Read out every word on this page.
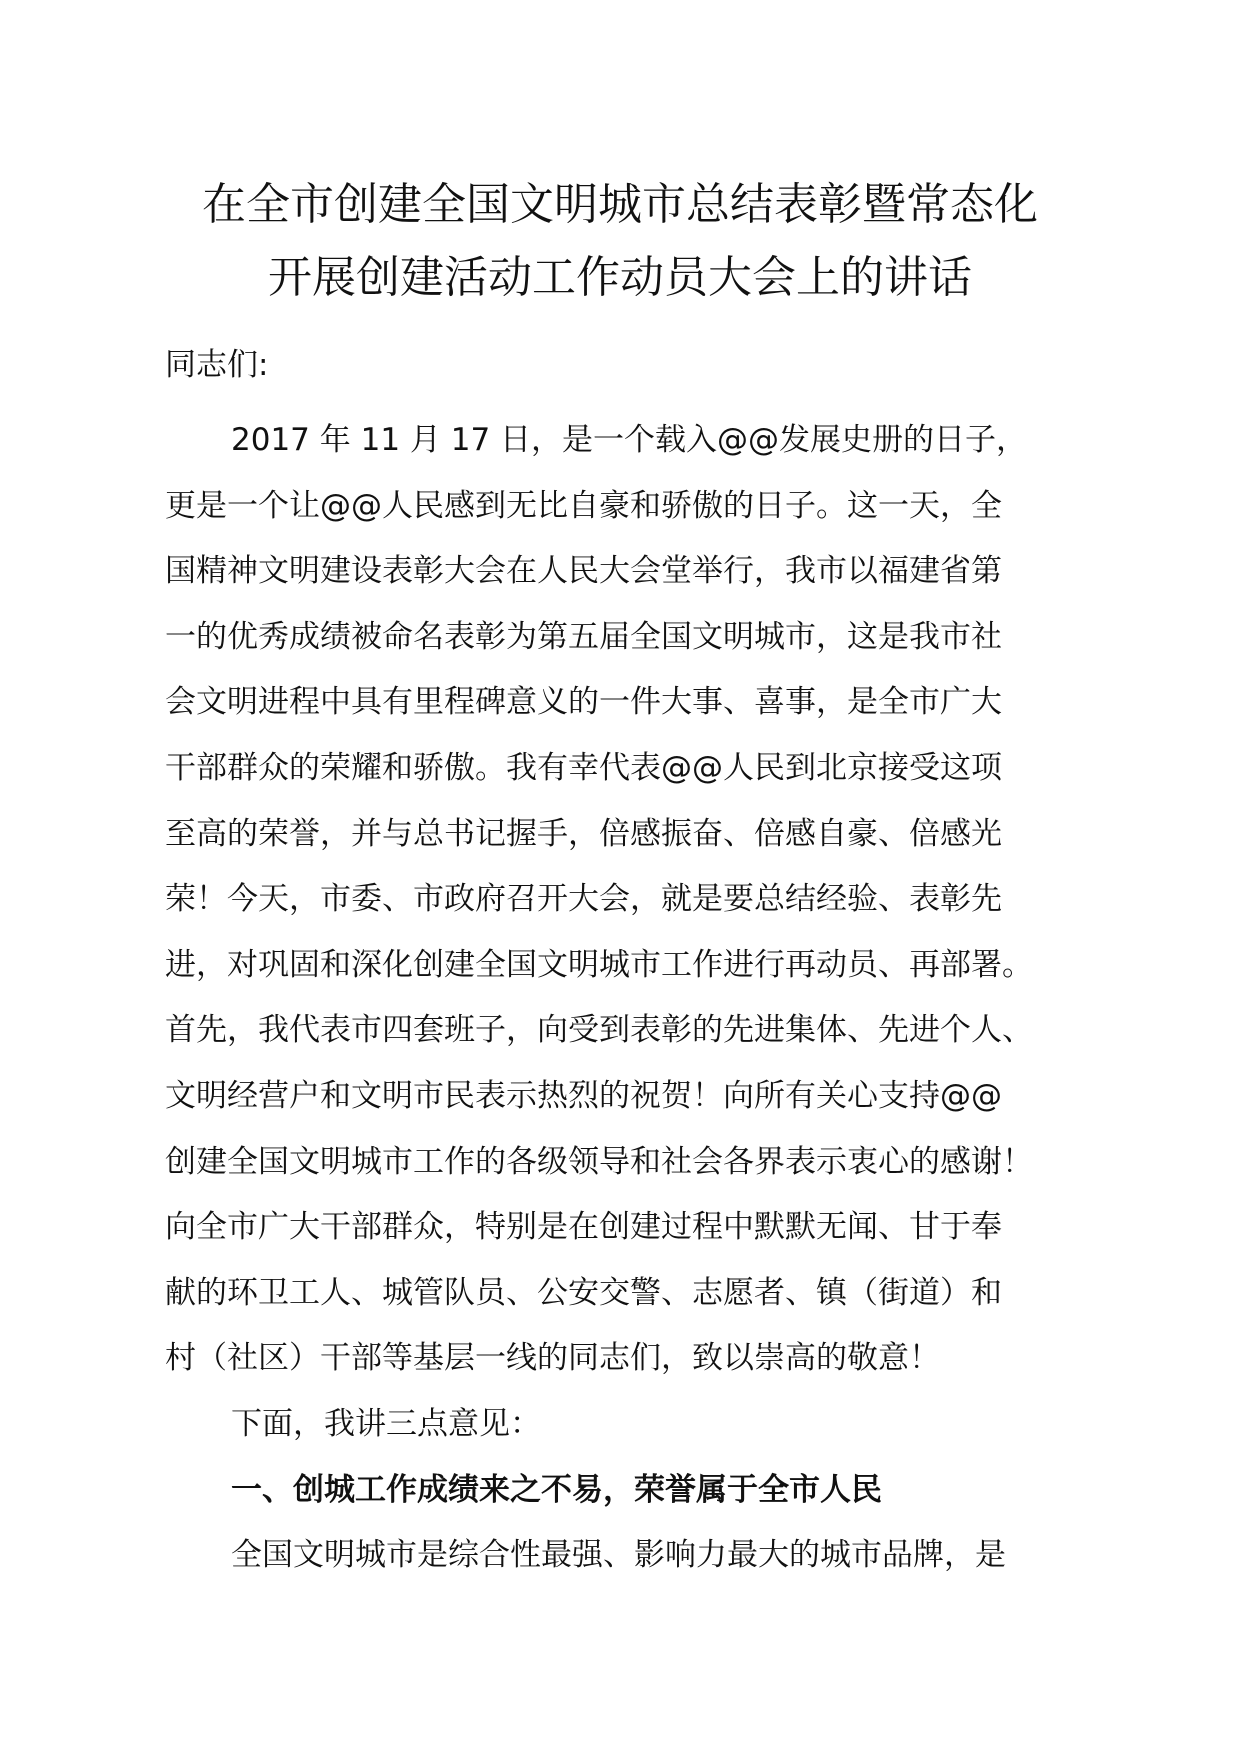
在全市创建全国文明城市总结表彰暨常态化
开展创建活动工作动员大会上的讲话
同志们:
2017 年 11 月 17 日，是一个载入@@发展史册的日子，
更是一个让@@人民感到无比自豪和骄傲的日子。这一天，全
国精神文明建设表彰大会在人民大会堂举行，我市以福建省第
一的优秀成绩被命名表彰为第五届全国文明城市，这是我市社
会文明进程中具有里程碑意义的一件大事、喜事，是全市广大
干部群众的荣耀和骄傲。我有幸代表@@人民到北京接受这项
至高的荣誉，并与总书记握手，倍感振奋、倍感自豪、倍感光
荣！今天，市委、市政府召开大会，就是要总结经验、表彰先
进，对巩固和深化创建全国文明城市工作进行再动员、再部署。
首先，我代表市四套班子，向受到表彰的先进集体、先进个人、
文明经营户和文明市民表示热烈的祝贺！向所有关心支持@@
创建全国文明城市工作的各级领导和社会各界表示衷心的感谢！
向全市广大干部群众，特别是在创建过程中默默无闻、甘于奉
献的环卫工人、城管队员、公安交警、志愿者、镇（街道）和
村（社区）干部等基层一线的同志们，致以崇高的敬意！
下面，我讲三点意见：
一、创城工作成绩来之不易，荣誉属于全市人民
全国文明城市是综合性最强、影响力最大的城市品牌，是
